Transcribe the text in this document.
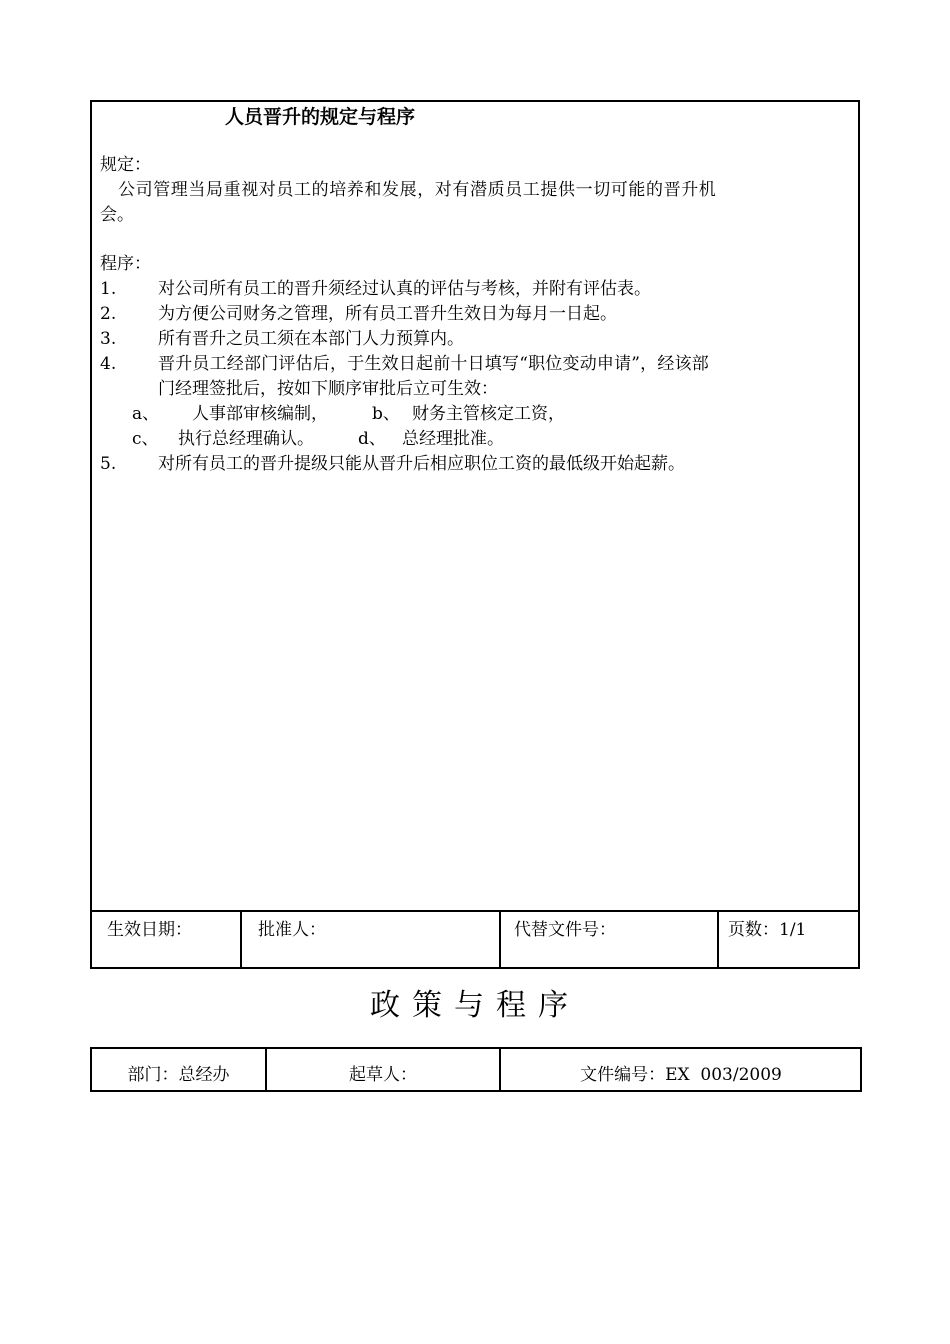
人员晋升的规定与程序
规定：
公司管理当局重视对员工的培养和发展，对有潜质员工提供一切可能的晋升机
会。
程序：
1. 对公司所有员工的晋升须经过认真的评估与考核，并附有评估表。
2. 为方便公司财务之管理，所有员工晋升生效日为每月一日起。
3. 所有晋升之员工须在本部门人力预算内。
4. 晋升员工经部门评估后，于生效日起前十日填写“职位变动申请”，经该部
门经理签批后，按如下顺序审批后立可生效：
a、 人事部审核编制，	b、 财务主管核定工资，
c、 执行总经理确认。	d、 总经理批准。
5. 对所有员工的晋升提级只能从晋升后相应职位工资的最低级开始起薪。
生效日期：	批准人：	代替文件号：	页数：1/1
政策与程序
部门：总经办	起草人：	文件编号：EX  003/2009
